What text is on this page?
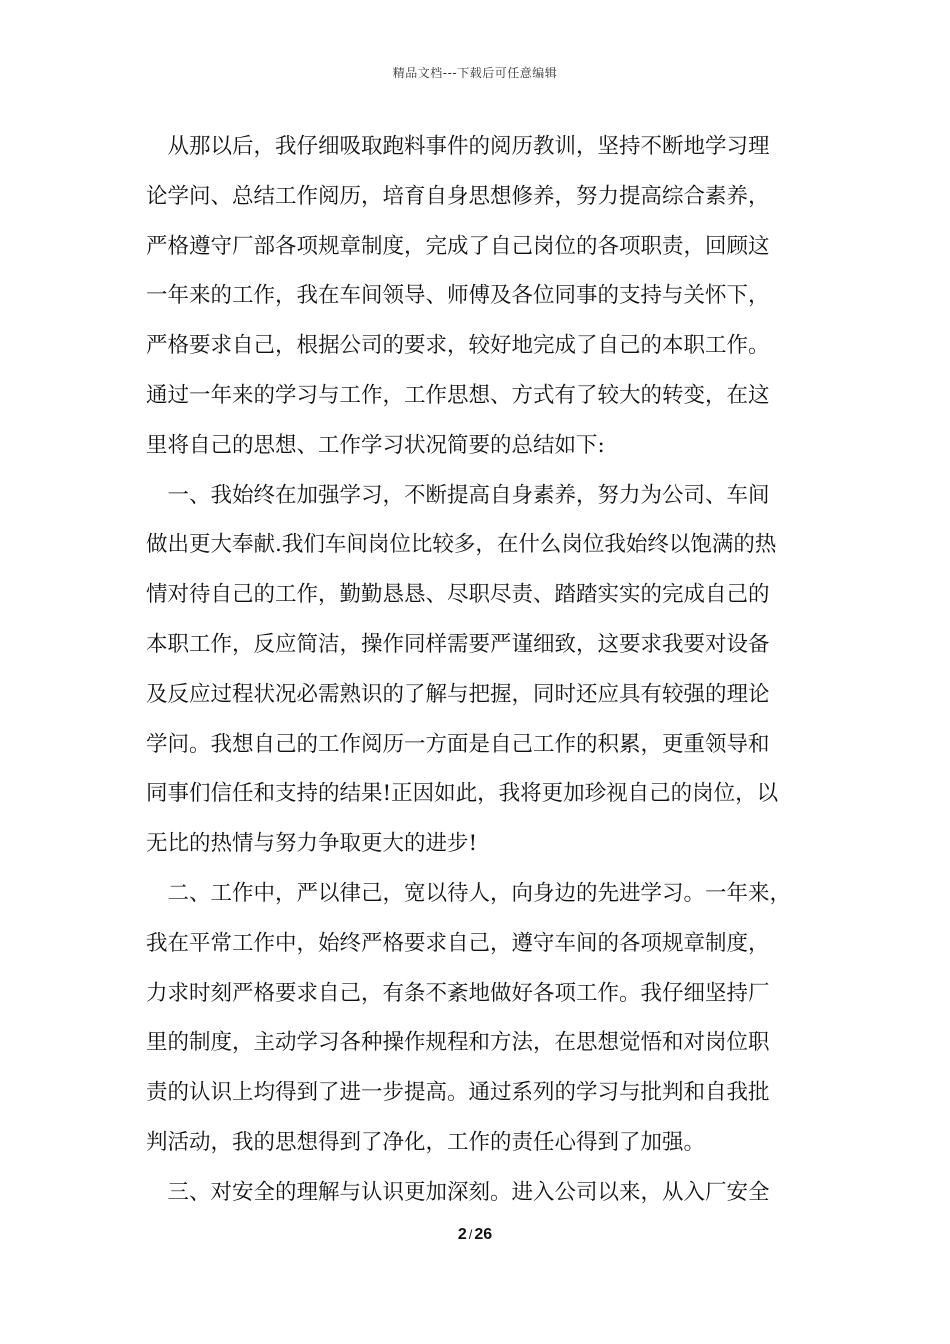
精品文档---下载后可任意编辑
　从那以后，我仔细吸取跑料事件的阅历教训，坚持不断地学习理
论学问、总结工作阅历，培育自身思想修养，努力提高综合素养，
严格遵守厂部各项规章制度，完成了自己岗位的各项职责，回顾这
一年来的工作，我在车间领导、师傅及各位同事的支持与关怀下，
严格要求自己，根据公司的要求，较好地完成了自己的本职工作。
通过一年来的学习与工作，工作思想、方式有了较大的转变，在这
里将自己的思想、工作学习状况简要的总结如下:
　一、我始终在加强学习，不断提高自身素养，努力为公司、车间
做出更大奉献.我们车间岗位比较多，在什么岗位我始终以饱满的热
情对待自己的工作，勤勤恳恳、尽职尽责、踏踏实实的完成自己的
本职工作，反应简洁，操作同样需要严谨细致，这要求我要对设备
及反应过程状况必需熟识的了解与把握，同时还应具有较强的理论
学问。我想自己的工作阅历一方面是自己工作的积累，更重领导和
同事们信任和支持的结果!正因如此，我将更加珍视自己的岗位，以
无比的热情与努力争取更大的进步!
　二、工作中，严以律己，宽以待人，向身边的先进学习。一年来，
我在平常工作中，始终严格要求自己，遵守车间的各项规章制度，
力求时刻严格要求自己，有条不紊地做好各项工作。我仔细坚持厂
里的制度，主动学习各种操作规程和方法，在思想觉悟和对岗位职
责的认识上均得到了进一步提高。通过系列的学习与批判和自我批
判活动，我的思想得到了净化，工作的责任心得到了加强。
　三、对安全的理解与认识更加深刻。进入公司以来，从入厂安全
2 / 26
